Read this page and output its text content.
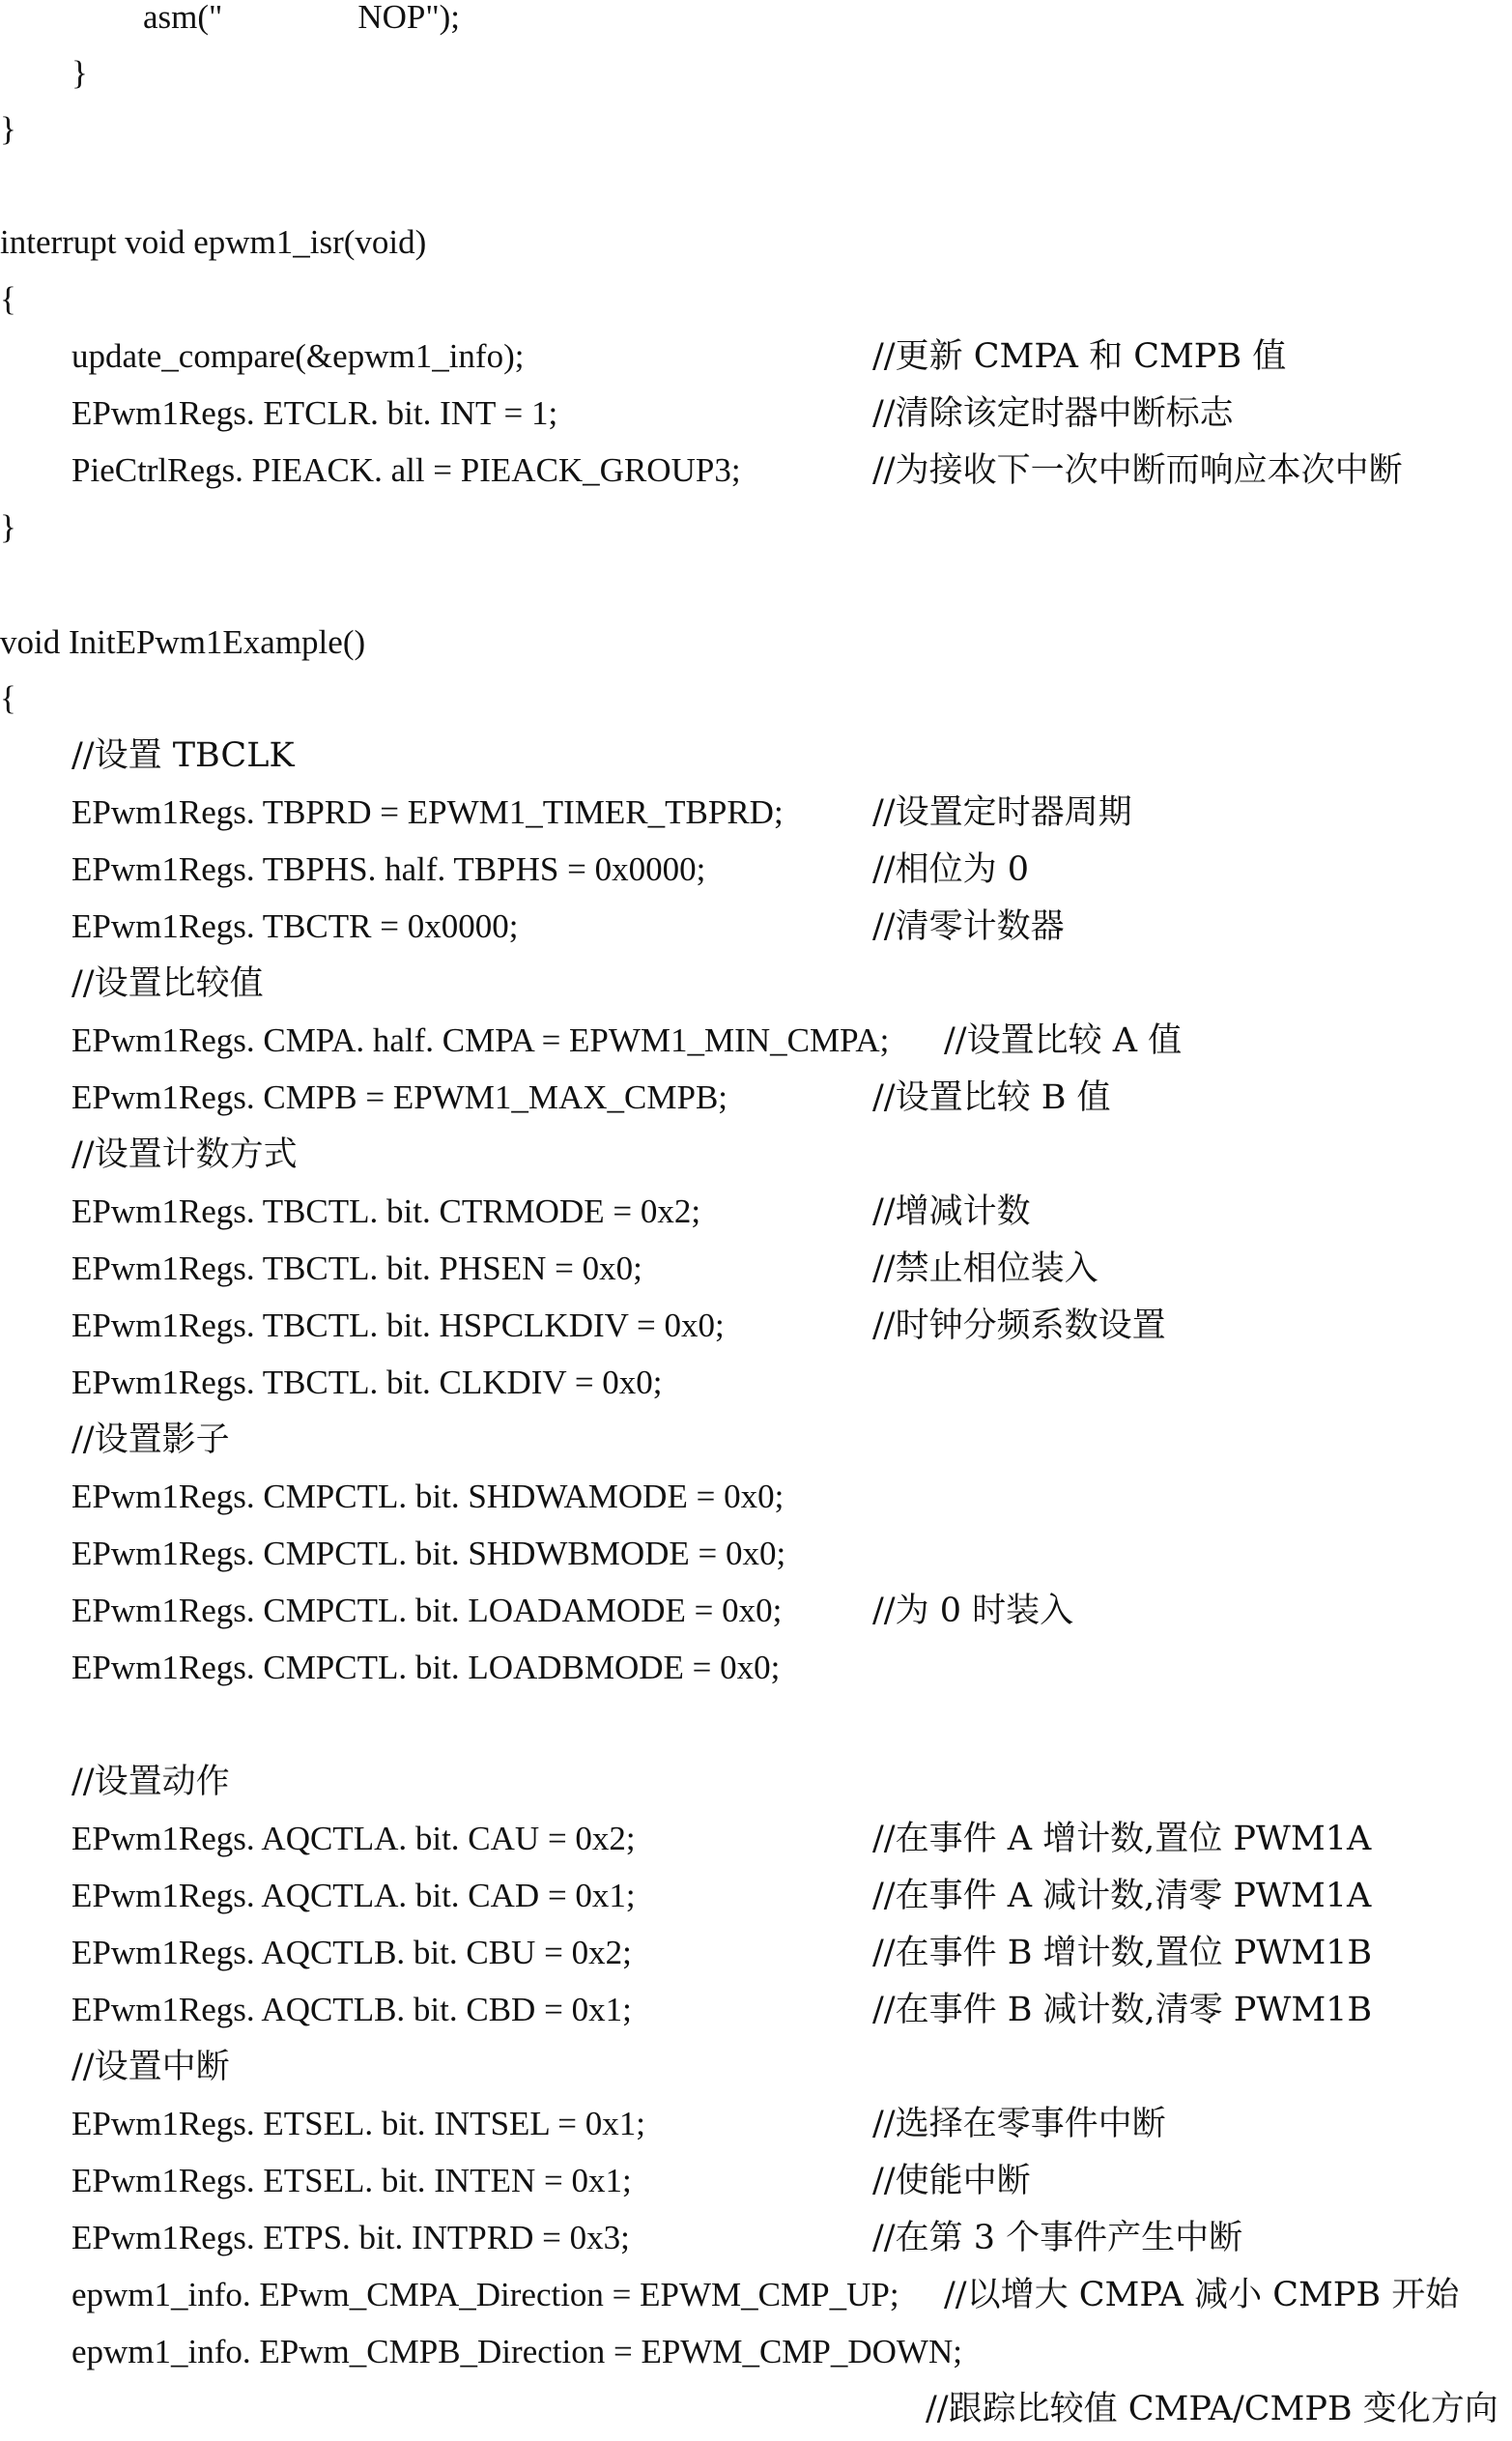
asm("                NOP");
}
}
interrupt void epwm1_isr(void)
{
update_compare(&epwm1_info);	//更新 CMPA 和 CMPB 值
EPwm1Regs. ETCLR. bit. INT = 1;	//清除该定时器中断标志
PieCtrlRegs. PIEACK. all = PIEACK_GROUP3;	//为接收下一次中断而响应本次中断
}
void InitEPwm1Example()
{
//设置 TBCLK
EPwm1Regs. TBPRD = EPWM1_TIMER_TBPRD;	//设置定时器周期
EPwm1Regs. TBPHS. half. TBPHS = 0x0000;	//相位为 0
EPwm1Regs. TBCTR = 0x0000;	//清零计数器
//设置比较值
EPwm1Regs. CMPA. half. CMPA = EPWM1_MIN_CMPA; //设置比较 A 值
EPwm1Regs. CMPB = EPWM1_MAX_CMPB;	//设置比较 B 值
//设置计数方式
EPwm1Regs. TBCTL. bit. CTRMODE = 0x2;	//增减计数
EPwm1Regs. TBCTL. bit. PHSEN = 0x0;	//禁止相位装入
EPwm1Regs. TBCTL. bit. HSPCLKDIV = 0x0;	//时钟分频系数设置
EPwm1Regs. TBCTL. bit. CLKDIV = 0x0;
//设置影子
EPwm1Regs. CMPCTL. bit. SHDWAMODE = 0x0;
EPwm1Regs. CMPCTL. bit. SHDWBMODE = 0x0;
EPwm1Regs. CMPCTL. bit. LOADAMODE = 0x0;	//为 0 时装入
EPwm1Regs. CMPCTL. bit. LOADBMODE = 0x0;
//设置动作
EPwm1Regs. AQCTLA. bit. CAU = 0x2;	//在事件 A 增计数,置位 PWM1A
EPwm1Regs. AQCTLA. bit. CAD = 0x1;	//在事件 A 减计数,清零 PWM1A
EPwm1Regs. AQCTLB. bit. CBU = 0x2;	//在事件 B 增计数,置位 PWM1B
EPwm1Regs. AQCTLB. bit. CBD = 0x1;	//在事件 B 减计数,清零 PWM1B
//设置中断
EPwm1Regs. ETSEL. bit. INTSEL = 0x1;	//选择在零事件中断
EPwm1Regs. ETSEL. bit. INTEN = 0x1;	//使能中断
EPwm1Regs. ETPS. bit. INTPRD = 0x3;	//在第 3 个事件产生中断
epwm1_info. EPwm_CMPA_Direction = EPWM_CMP_UP; //以增大 CMPA 减小 CMPB 开始
epwm1_info. EPwm_CMPB_Direction = EPWM_CMP_DOWN;
//跟踪比较值 CMPA/CMPB 变化方向
